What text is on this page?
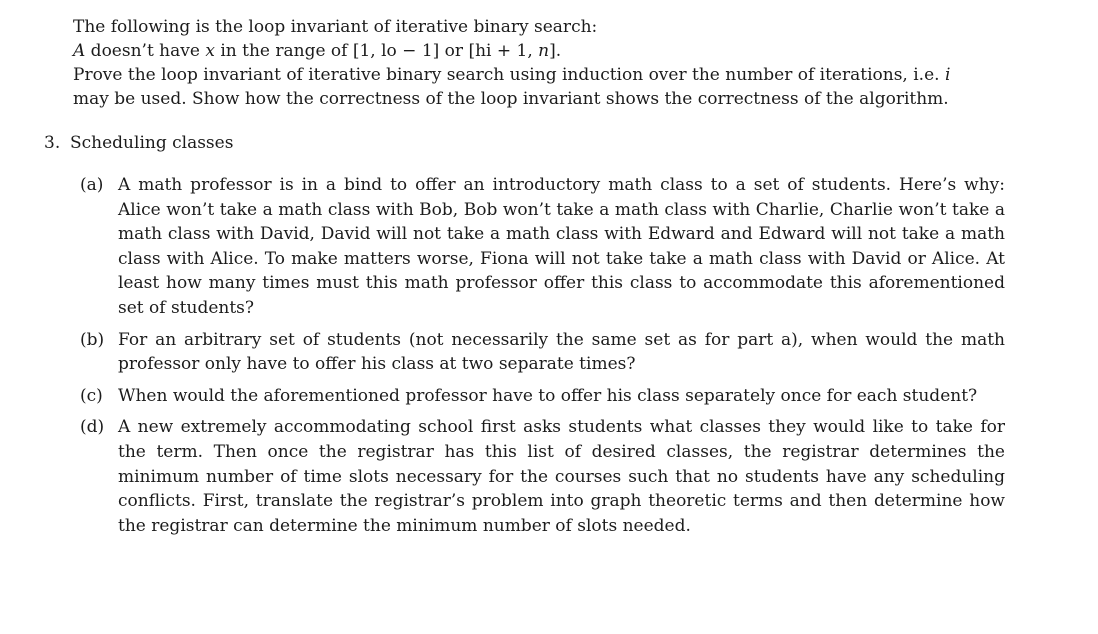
The following is the loop invariant of iterative binary search:

A doesn’t have x in the range of [1, lo − 1] or [hi + 1, n].

Prove the loop invariant of iterative binary search using induction over the number of iterations, i.e. i
may be used. Show how the correctness of the loop invariant shows the correctness of the algorithm.

3. Scheduling classes
(a) A math professor is in a bind to offer an introductory math class to a set of students. Here’s why: Alice won’t take a math class with Bob, Bob won’t take a math class with Charlie, Charlie won’t take a math class with David, David will not take a math class with Edward and Edward will not take a math class with Alice. To make matters worse, Fiona will not take take a math class with David or Alice. At least how many times must this math professor offer this class to accommodate this aforementioned set of students?
(b) For an arbitrary set of students (not necessarily the same set as for part a), when would the math professor only have to offer his class at two separate times?
(c) When would the aforementioned professor have to offer his class separately once for each student?
(d) A new extremely accommodating school first asks students what classes they would like to take for the term. Then once the registrar has this list of desired classes, the registrar determines the minimum number of time slots necessary for the courses such that no students have any scheduling conflicts. First, translate the registrar’s problem into graph theoretic terms and then determine how the registrar can determine the minimum number of slots needed.
